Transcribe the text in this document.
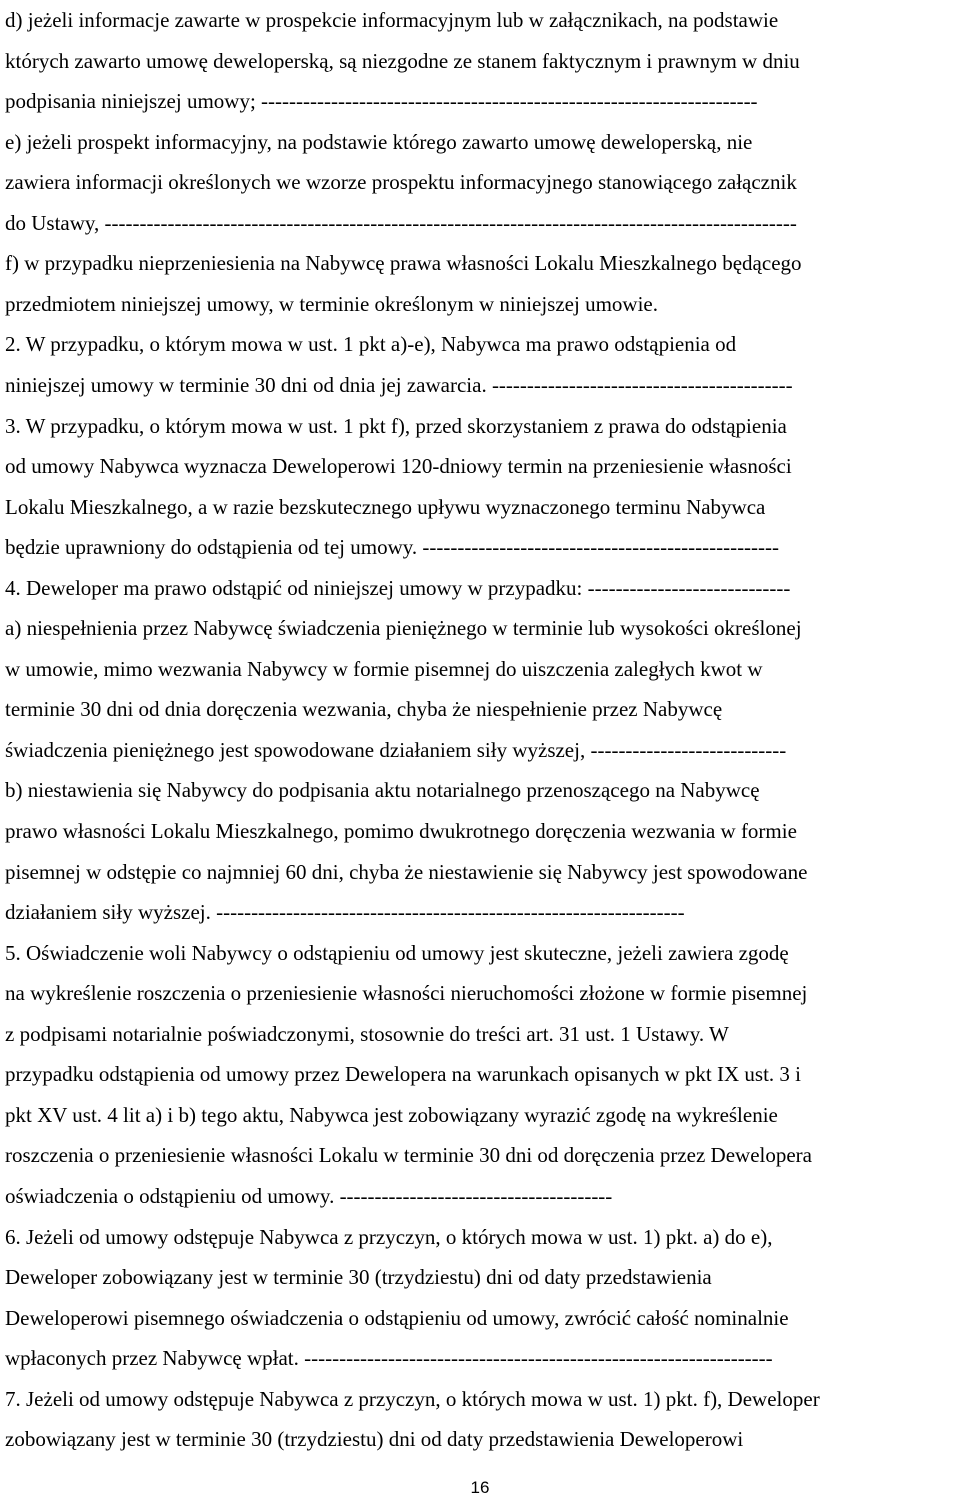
d) jeżeli informacje zawarte w prospekcie informacyjnym lub w załącznikach, na podstawie
których zawarto umowę deweloperską, są niezgodne ze stanem faktycznym i prawnym w dniu
podpisania niniejszej umowy; -----------------------------------------------------------------------
e) jeżeli prospekt informacyjny, na podstawie którego zawarto umowę deweloperską, nie
zawiera informacji określonych we wzorze prospektu informacyjnego stanowiącego załącznik
do Ustawy, ---------------------------------------------------------------------------------------------------
f) w przypadku nieprzeniesienia na Nabywcę prawa własności Lokalu Mieszkalnego będącego
przedmiotem niniejszej umowy, w terminie określonym w niniejszej umowie.
2. W przypadku, o którym mowa w ust. 1 pkt a)-e), Nabywca ma prawo odstąpienia od
niniejszej umowy w terminie 30 dni od dnia jej zawarcia. -------------------------------------------
3. W przypadku, o którym mowa w ust. 1 pkt f), przed skorzystaniem z prawa do odstąpienia
od umowy Nabywca wyznacza Deweloperowi 120-dniowy termin na przeniesienie własności
Lokalu Mieszkalnego, a w razie bezskutecznego upływu wyznaczonego terminu Nabywca
będzie uprawniony do odstąpienia od tej umowy. ---------------------------------------------------
4. Deweloper ma prawo odstąpić od niniejszej umowy w przypadku: -----------------------------
a) niespełnienia przez Nabywcę świadczenia pieniężnego w terminie lub wysokości określonej
w umowie, mimo wezwania Nabywcy w formie pisemnej do uiszczenia zaległych kwot w
terminie 30 dni od dnia doręczenia wezwania, chyba że niespełnienie przez Nabywcę
świadczenia pieniężnego jest spowodowane działaniem siły wyższej, ----------------------------
b) niestawienia się Nabywcy do podpisania aktu notarialnego przenoszącego na Nabywcę
prawo własności Lokalu Mieszkalnego, pomimo dwukrotnego doręczenia wezwania w formie
pisemnej w odstępie co najmniej 60 dni, chyba że niestawienie się Nabywcy jest spowodowane
działaniem siły wyższej. -------------------------------------------------------------------
5. Oświadczenie woli Nabywcy o odstąpieniu od umowy jest skuteczne, jeżeli zawiera zgodę
na wykreślenie roszczenia o przeniesienie własności nieruchomości złożone w formie pisemnej
z podpisami notarialnie poświadczonymi, stosownie do treści art. 31 ust. 1 Ustawy. W
przypadku odstąpienia od umowy przez Dewelopera na warunkach opisanych w pkt IX ust. 3 i
pkt XV ust. 4 lit a) i b) tego aktu, Nabywca jest zobowiązany wyrazić zgodę na wykreślenie
roszczenia o przeniesienie własności Lokalu w terminie 30 dni od doręczenia przez Dewelopera
oświadczenia o odstąpieniu od umowy. ---------------------------------------
6. Jeżeli od umowy odstępuje Nabywca z przyczyn, o których mowa w ust. 1) pkt. a) do e),
Deweloper zobowiązany jest w terminie 30 (trzydziestu) dni od daty przedstawienia
Deweloperowi pisemnego oświadczenia o odstąpieniu od umowy, zwrócić całość nominalnie
wpłaconych przez Nabywcę wpłat. -------------------------------------------------------------------
7. Jeżeli od umowy odstępuje Nabywca z przyczyn, o których mowa w ust. 1) pkt. f), Deweloper
zobowiązany jest w terminie 30 (trzydziestu) dni od daty przedstawienia Deweloperowi
16
